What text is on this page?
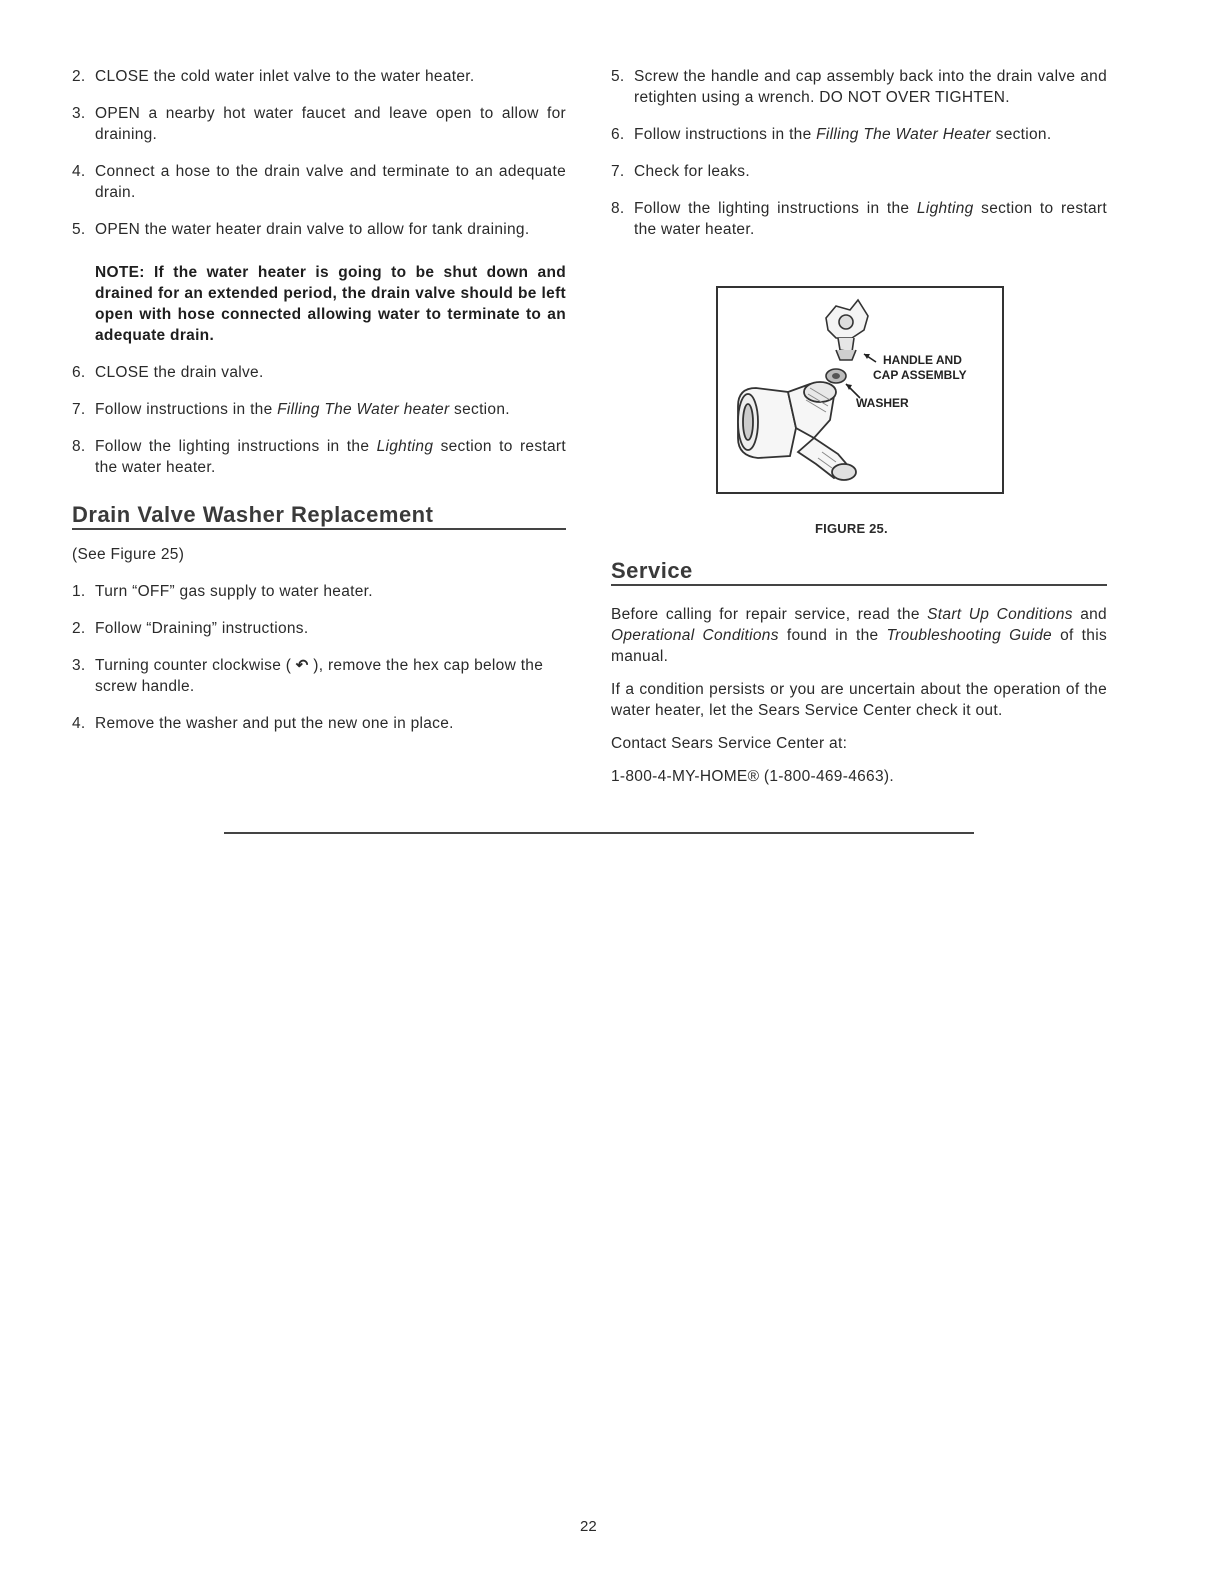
2. CLOSE the cold water inlet valve to the water heater.
3. OPEN a nearby hot water faucet and leave open to allow for draining.
4. Connect a hose to the drain valve and terminate to an adequate drain.
5. OPEN the water heater drain valve to allow for tank draining.

NOTE: If the water heater is going to be shut down and drained for an extended period, the drain valve should be left open with hose connected allowing water to terminate to an adequate drain.

6. CLOSE the drain valve.
7. Follow instructions in the Filling The Water heater section.
8. Follow the lighting instructions in the Lighting section to restart the water heater.
Drain Valve Washer Replacement

(See Figure 25)

1. Turn “OFF” gas supply to water heater.
2. Follow “Draining” instructions.
3. Turning counter clockwise ( ↶ ), remove the hex cap below the screw handle.
4. Remove the washer and put the new one in place.
5. Screw the handle and cap assembly back into the drain valve and retighten using a wrench. DO NOT OVER TIGHTEN.
6. Follow instructions in the Filling The Water Heater section.
7. Check for leaks.
8. Follow the lighting instructions in the Lighting section to restart the water heater.
HANDLE AND
CAP ASSEMBLY
WASHER
FIGURE 25.
Service

Before calling for repair service, read the Start Up Conditions and Operational Conditions found in the Troubleshooting Guide of this manual.

If a condition persists or you are uncertain about the operation of the water heater, let the Sears Service Center check it out.

Contact Sears Service Center at:

1-800-4-MY-HOME® (1-800-469-4663).

22
